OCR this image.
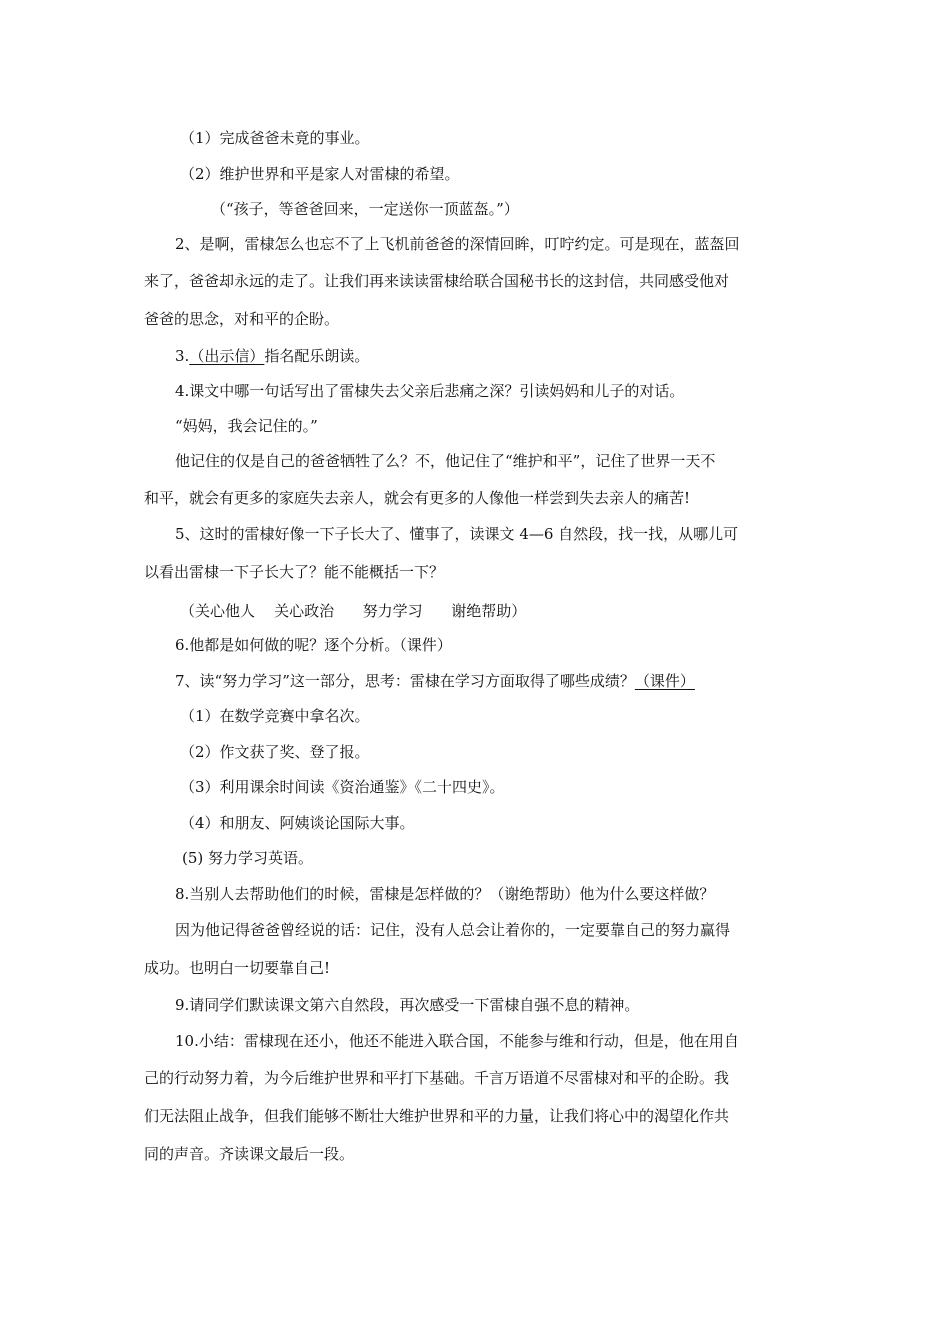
（1）完成爸爸未竟的事业。
（2）维护世界和平是家人对雷棣的希望。
（“孩子，等爸爸回来，一定送你一顶蓝盔。”）
2、是啊，雷棣怎么也忘不了上飞机前爸爸的深情回眸，叮咛约定。可是现在，蓝盔回
来了，爸爸却永远的走了。让我们再来读读雷棣给联合国秘书长的这封信，共同感受他对
爸爸的思念，对和平的企盼。
3.（出示信）指名配乐朗读。
4.课文中哪一句话写出了雷棣失去父亲后悲痛之深？引读妈妈和儿子的对话。
“妈妈，我会记住的。”
他记住的仅是自己的爸爸牺牲了么？不，他记住了“维护和平”，记住了世界一天不
和平，就会有更多的家庭失去亲人，就会有更多的人像他一样尝到失去亲人的痛苦!
5、这时的雷棣好像一下子长大了、懂事了，读课文 4—6 自然段，找一找，从哪儿可
以看出雷棣一下子长大了？能不能概括一下？
（关心他人    关心政治      努力学习      谢绝帮助）
6.他都是如何做的呢？逐个分析。（课件）
7、读“努力学习”这一部分，思考：雷棣在学习方面取得了哪些成绩？（课件）
（1）在数学竞赛中拿名次。
（2）作文获了奖、登了报。
（3）利用课余时间读《资治通鉴》《二十四史》。
（4）和朋友、阿姨谈论国际大事。
(5) 努力学习英语。
8.当别人去帮助他们的时候，雷棣是怎样做的？（谢绝帮助）他为什么要这样做？
因为他记得爸爸曾经说的话：记住，没有人总会让着你的，一定要靠自己的努力赢得
成功。也明白一切要靠自己!
9.请同学们默读课文第六自然段，再次感受一下雷棣自强不息的精神。
10.小结：雷棣现在还小，他还不能进入联合国，不能参与维和行动，但是，他在用自
己的行动努力着，为今后维护世界和平打下基础。千言万语道不尽雷棣对和平的企盼。我
们无法阻止战争，但我们能够不断壮大维护世界和平的力量，让我们将心中的渴望化作共
同的声音。齐读课文最后一段。
